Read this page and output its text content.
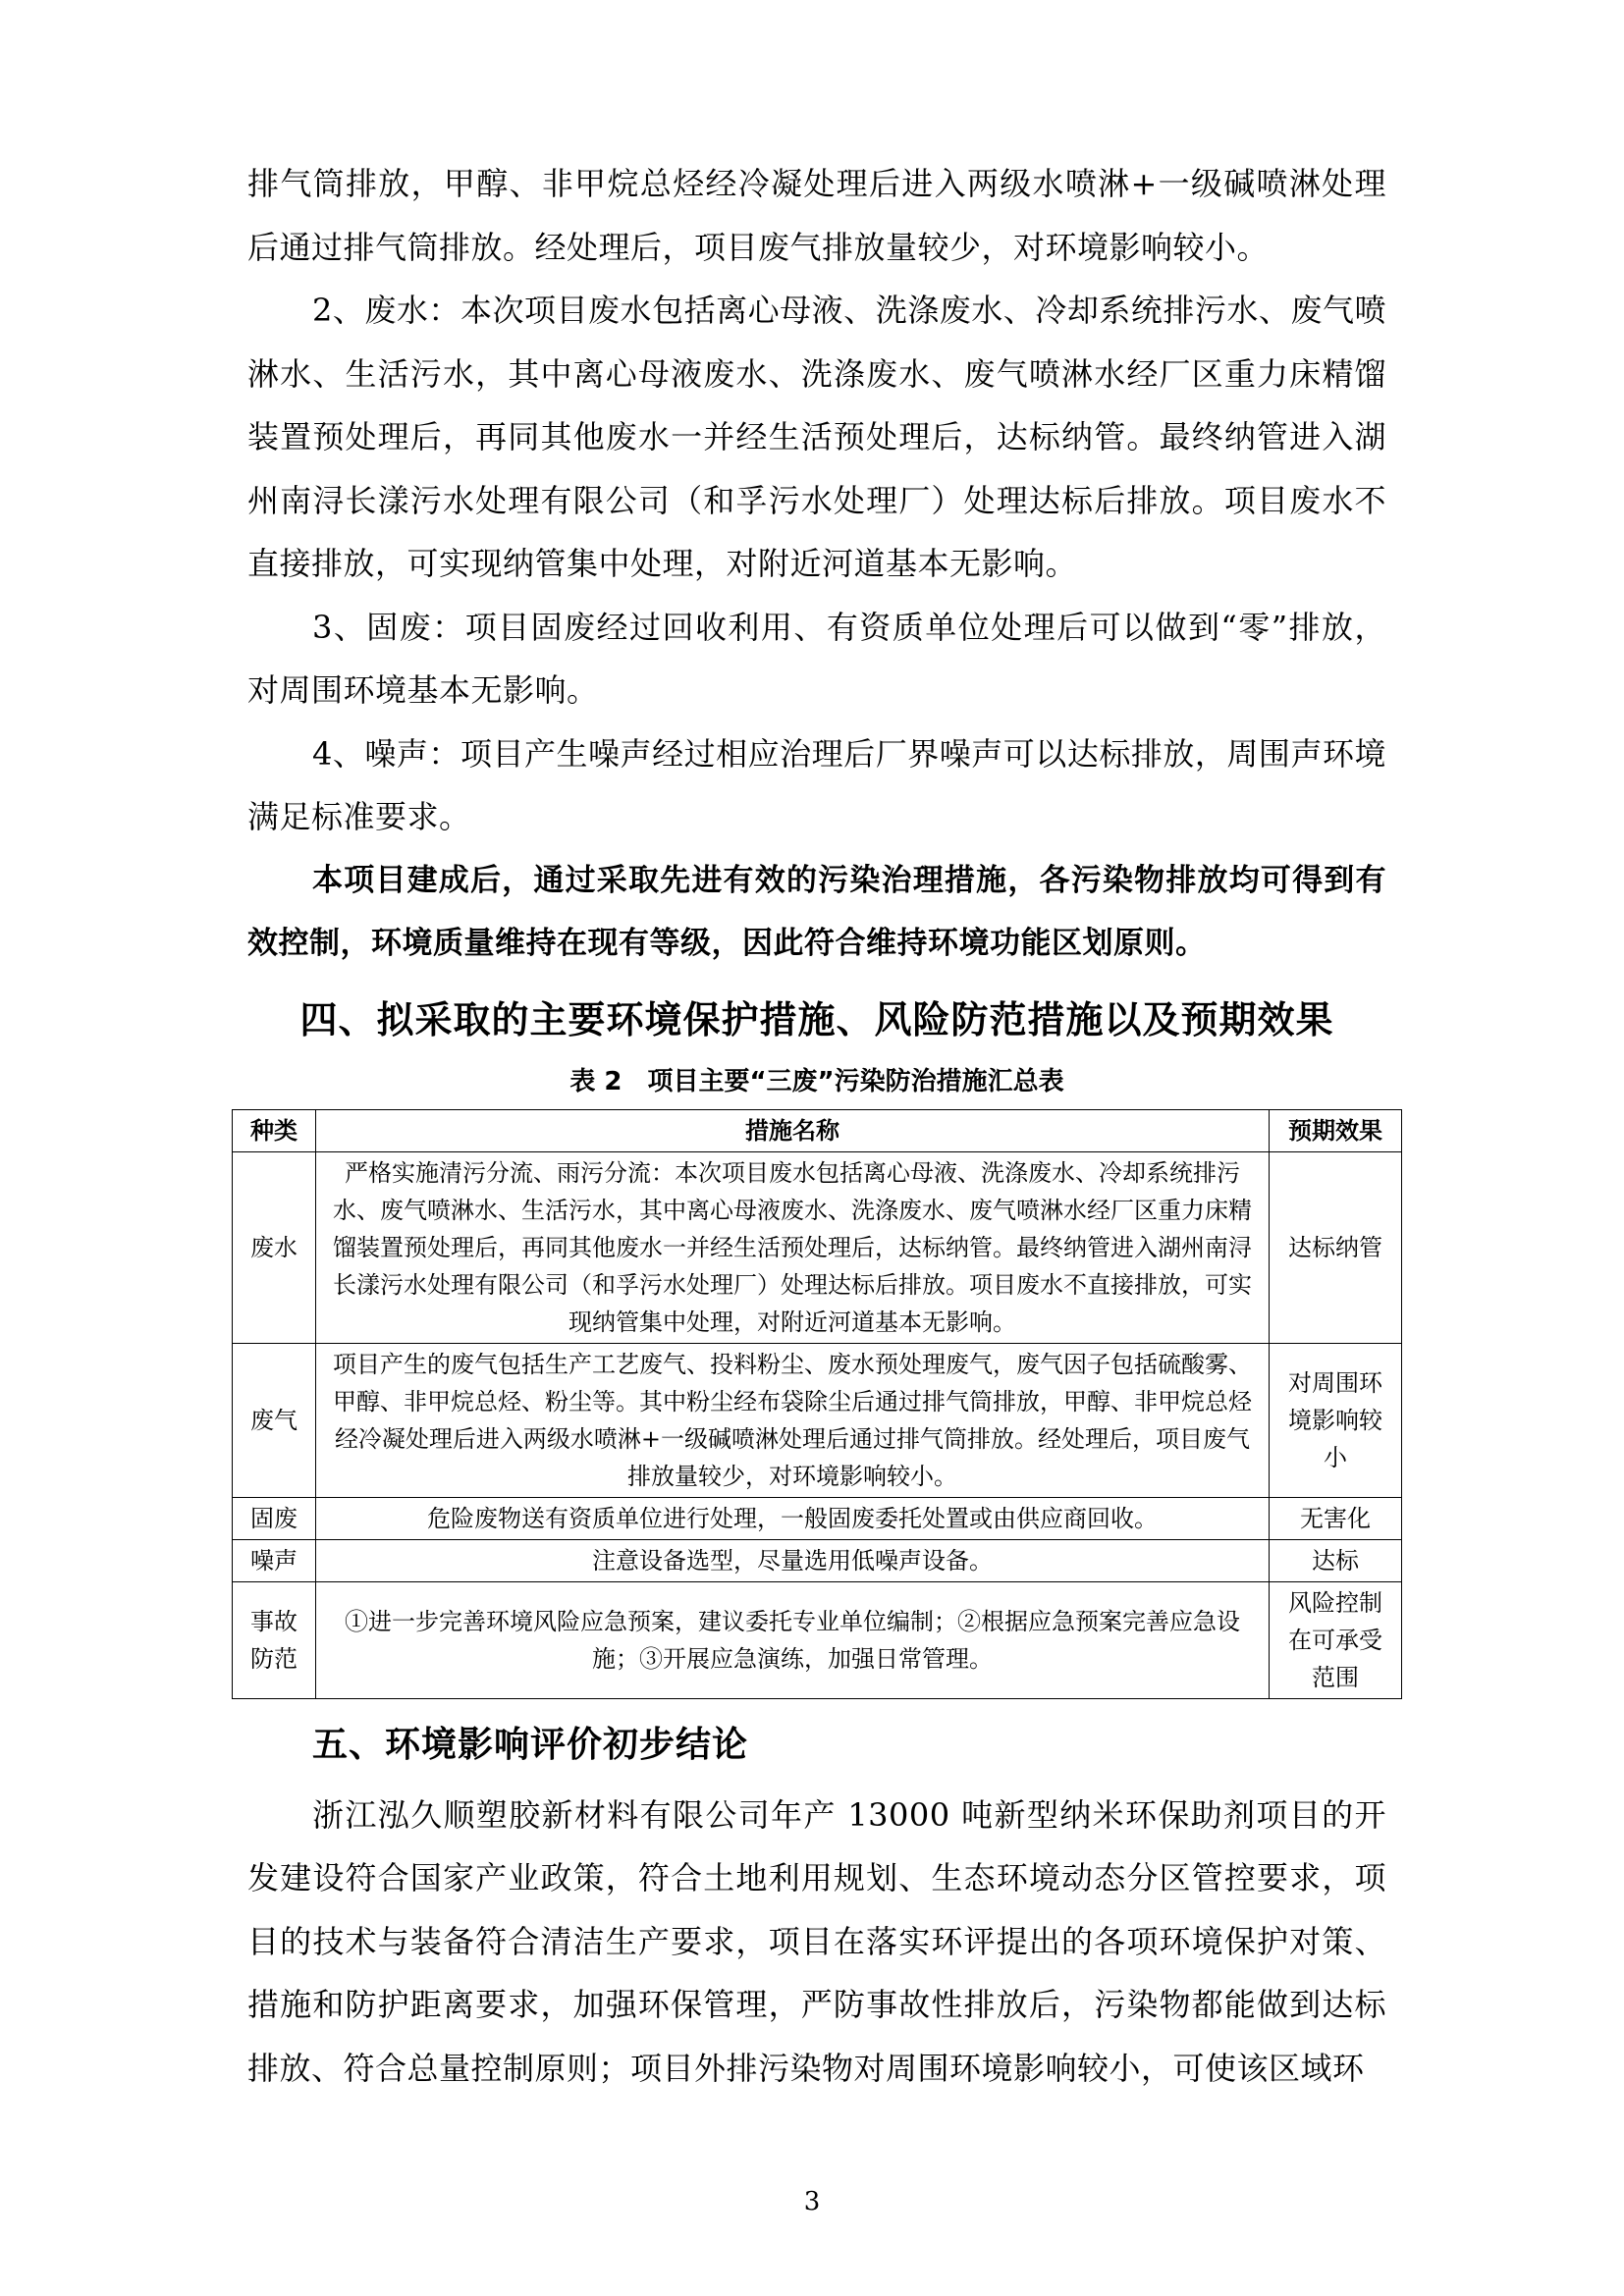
排气筒排放，甲醇、非甲烷总烃经冷凝处理后进入两级水喷淋+一级碱喷淋处理后通过排气筒排放。经处理后，项目废气排放量较少，对环境影响较小。

2、废水：本次项目废水包括离心母液、洗涤废水、冷却系统排污水、废气喷淋水、生活污水，其中离心母液废水、洗涤废水、废气喷淋水经厂区重力床精馏装置预处理后，再同其他废水一并经生活预处理后，达标纳管。最终纳管进入湖州南浔长漾污水处理有限公司（和孚污水处理厂）处理达标后排放。项目废水不直接排放，可实现纳管集中处理，对附近河道基本无影响。

3、固废：项目固废经过回收利用、有资质单位处理后可以做到“零”排放，对周围环境基本无影响。

4、噪声：项目产生噪声经过相应治理后厂界噪声可以达标排放，周围声环境满足标准要求。

本项目建成后，通过采取先进有效的污染治理措施，各污染物排放均可得到有效控制，环境质量维持在现有等级，因此符合维持环境功能区划原则。

四、拟采取的主要环境保护措施、风险防范措施以及预期效果
表 2　项目主要“三废”污染防治措施汇总表
种类	措施名称	预期效果
废水	严格实施清污分流、雨污分流：本次项目废水包括离心母液、洗涤废水、冷却系统排污水、废气喷淋水、生活污水，其中离心母液废水、洗涤废水、废气喷淋水经厂区重力床精馏装置预处理后，再同其他废水一并经生活预处理后，达标纳管。最终纳管进入湖州南浔长漾污水处理有限公司（和孚污水处理厂）处理达标后排放。项目废水不直接排放，可实现纳管集中处理，对附近河道基本无影响。	达标纳管
废气	项目产生的废气包括生产工艺废气、投料粉尘、废水预处理废气，废气因子包括硫酸雾、甲醇、非甲烷总烃、粉尘等。其中粉尘经布袋除尘后通过排气筒排放，甲醇、非甲烷总烃经冷凝处理后进入两级水喷淋+一级碱喷淋处理后通过排气筒排放。经处理后，项目废气排放量较少，对环境影响较小。	对周围环境影响较小
固废	危险废物送有资质单位进行处理，一般固废委托处置或由供应商回收。	无害化
噪声	注意设备选型，尽量选用低噪声设备。	达标
事故防范	①进一步完善环境风险应急预案，建议委托专业单位编制；②根据应急预案完善应急设施；③开展应急演练，加强日常管理。	风险控制在可承受范围
五、环境影响评价初步结论

浙江泓久顺塑胶新材料有限公司年产 13000 吨新型纳米环保助剂项目的开发建设符合国家产业政策，符合土地利用规划、生态环境动态分区管控要求，项目的技术与装备符合清洁生产要求，项目在落实环评提出的各项环境保护对策、措施和防护距离要求，加强环保管理，严防事故性排放后，污染物都能做到达标排放、符合总量控制原则；项目外排污染物对周围环境影响较小，可使该区域环

3
